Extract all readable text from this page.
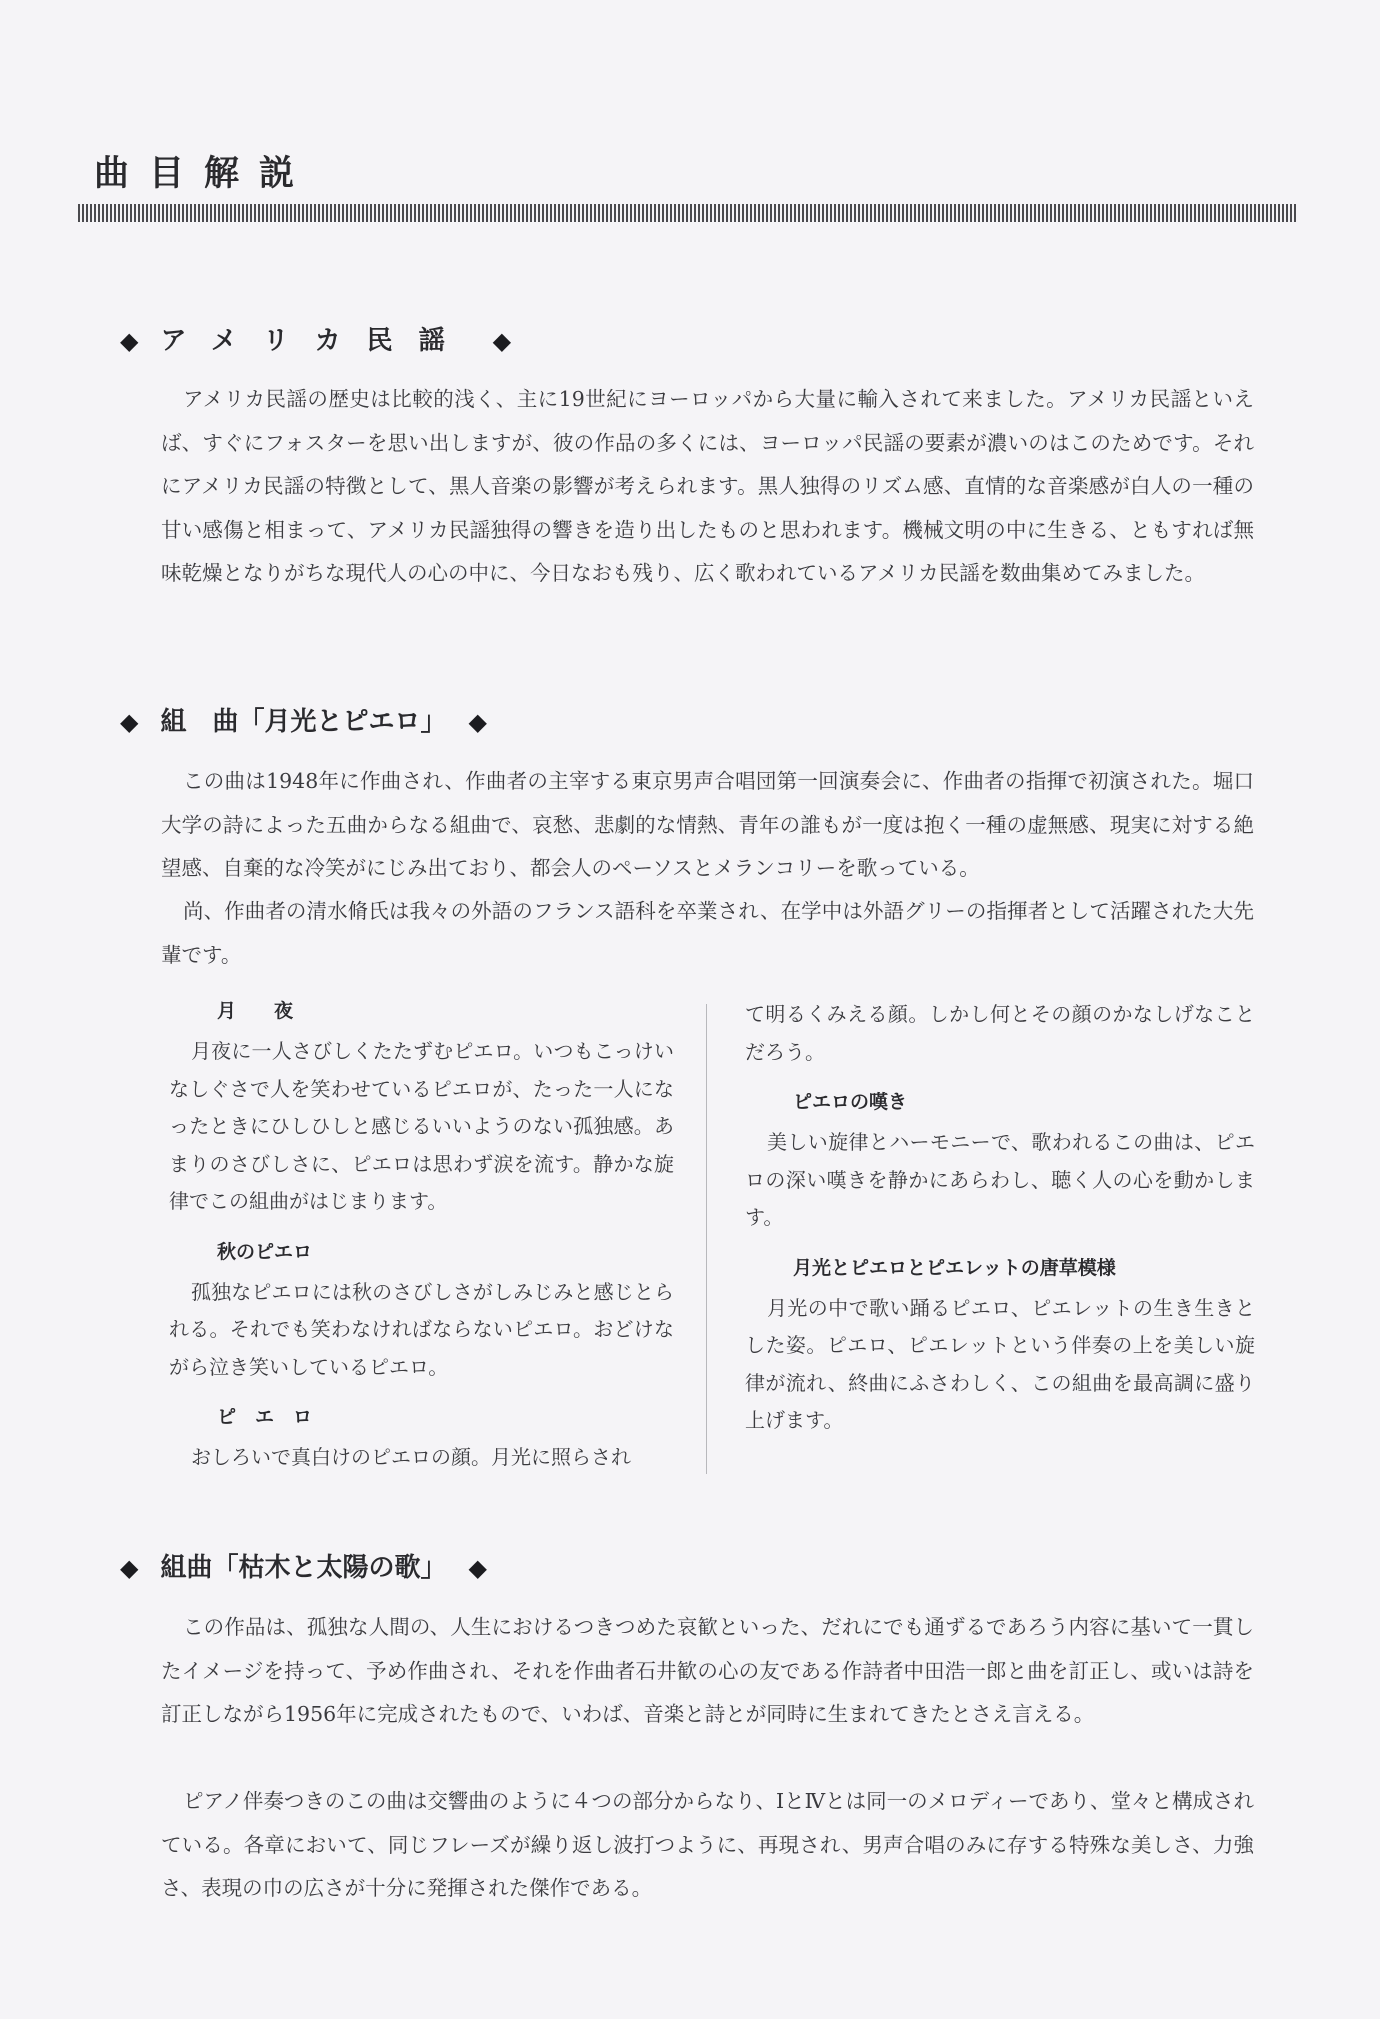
曲目解説
◆ アメリカ民謡 ◆

アメリカ民謡の歴史は比較的浅く、主に19世紀にヨーロッパから大量に輸入されて来ました。アメリカ民謡といえば、すぐにフォスターを思い出しますが、彼の作品の多くには、ヨーロッパ民謡の要素が濃いのはこのためです。それにアメリカ民謡の特徴として、黒人音楽の影響が考えられます。黒人独得のリズム感、直情的な音楽感が白人の一種の甘い感傷と相まって、アメリカ民謡独得の響きを造り出したものと思われます。機械文明の中に生きる、ともすれば無味乾燥となりがちな現代人の心の中に、今日なおも残り、広く歌われているアメリカ民謡を数曲集めてみました。

◆ 組　曲「月光とピエロ」 ◆

この曲は1948年に作曲され、作曲者の主宰する東京男声合唱団第一回演奏会に、作曲者の指揮で初演された。堀口大学の詩によった五曲からなる組曲で、哀愁、悲劇的な情熱、青年の誰もが一度は抱く一種の虚無感、現実に対する絶望感、自棄的な冷笑がにじみ出ており、都会人のペーソスとメランコリーを歌っている。

尚、作曲者の清水脩氏は我々の外語のフランス語科を卒業され、在学中は外語グリーの指揮者として活躍された大先輩です。

月　　夜

月夜に一人さびしくたたずむピエロ。いつもこっけいなしぐさで人を笑わせているピエロが、たった一人になったときにひしひしと感じるいいようのない孤独感。あまりのさびしさに、ピエロは思わず涙を流す。静かな旋律でこの組曲がはじまります。

秋のピエロ

孤独なピエロには秋のさびしさがしみじみと感じとられる。それでも笑わなければならないピエロ。おどけながら泣き笑いしているピエロ。

ピ　エ　ロ

おしろいで真白けのピエロの顔。月光に照らされ

て明るくみえる顔。しかし何とその顔のかなしげなことだろう。

ピエロの嘆き

美しい旋律とハーモニーで、歌われるこの曲は、ピエロの深い嘆きを静かにあらわし、聴く人の心を動かします。

月光とピエロとピエレットの唐草模様

月光の中で歌い踊るピエロ、ピエレットの生き生きとした姿。ピエロ、ピエレットという伴奏の上を美しい旋律が流れ、終曲にふさわしく、この組曲を最高調に盛り上げます。

◆ 組曲「枯木と太陽の歌」 ◆

この作品は、孤独な人間の、人生におけるつきつめた哀歓といった、だれにでも通ずるであろう内容に基いて一貫したイメージを持って、予め作曲され、それを作曲者石井歓の心の友である作詩者中田浩一郎と曲を訂正し、或いは詩を訂正しながら1956年に完成されたもので、いわば、音楽と詩とが同時に生まれてきたとさえ言える。

ピアノ伴奏つきのこの曲は交響曲のように４つの部分からなり、ⅠとⅣとは同一のメロディーであり、堂々と構成されている。各章において、同じフレーズが繰り返し波打つように、再現され、男声合唱のみに存する特殊な美しさ、力強さ、表現の巾の広さが十分に発揮された傑作である。
